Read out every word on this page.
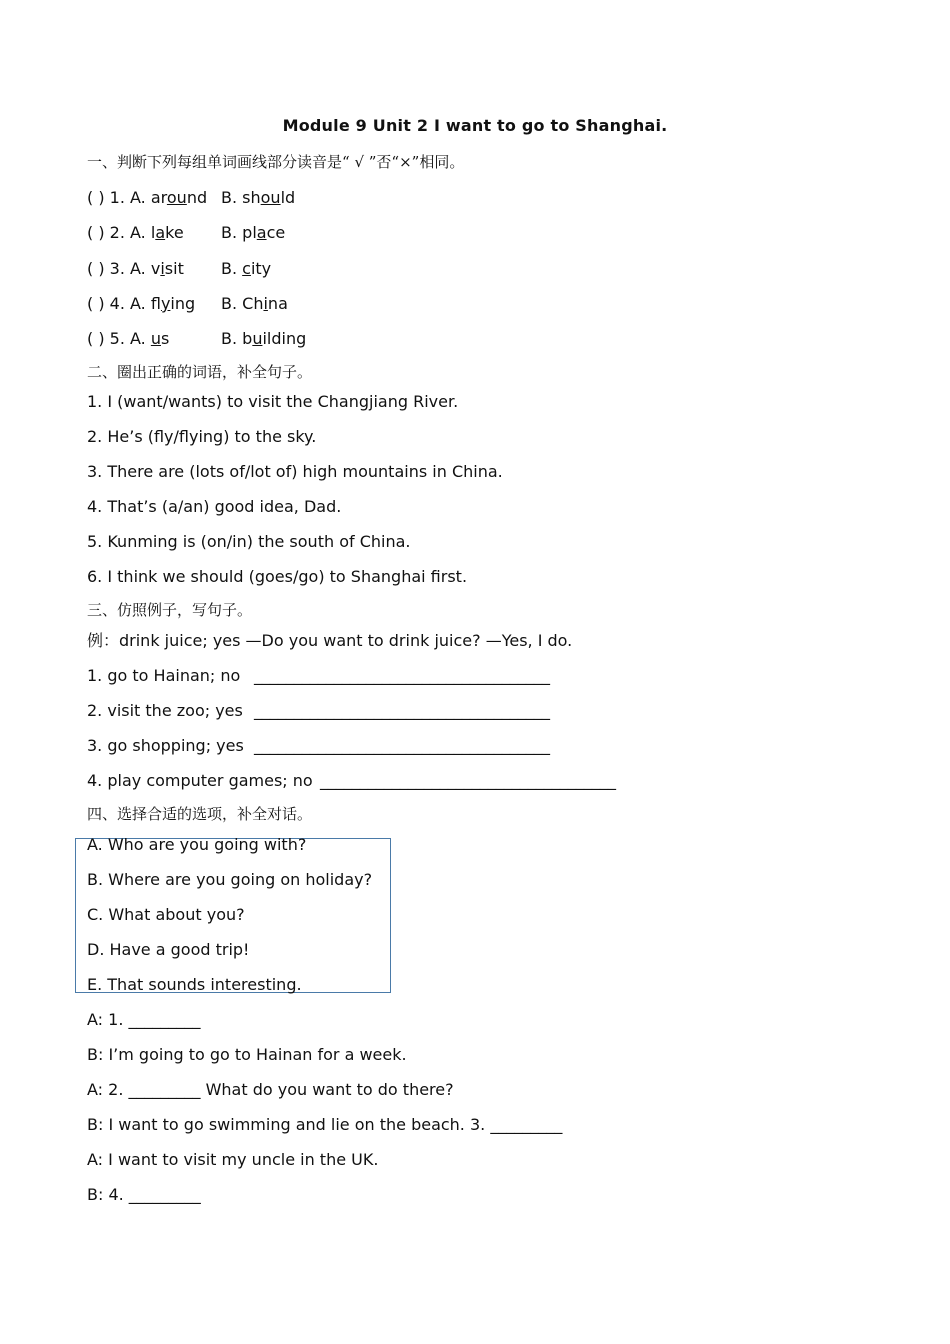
Module 9 Unit 2 I want to go to Shanghai.
一、判断下列每组单词画线部分读音是“ √ ”否“×”相同。
( ) 1. A. around B. should
( ) 2. A. lake B. place
( ) 3. A. visit B. city
( ) 4. A. flying B. China
( ) 5. A. us	B. building
二、圈出正确的词语，补全句子。
1. I (want/wants) to visit the Changjiang River.
2. He’s (fly/flying) to the sky.
3. There are (lots of/lot of) high mountains in China.
4. That’s (a/an) good idea, Dad.
5. Kunming is (on/in) the south of China.
6. I think we should (goes/go) to Shanghai first.
三、仿照例子，写句子。
例：drink juice; yes —Do you want to drink juice? —Yes, I do.
1. go to Hainan; no _____________________________________
2. visit the zoo; yes _____________________________________
3. go shopping; yes _____________________________________
4. play computer games; no _____________________________________
四、选择合适的选项，补全对话。
A. Who are you going with?
B. Where are you going on holiday?
C. What about you?
D. Have a good trip!
E. That sounds interesting.
A: 1. _________
B: I’m going to go to Hainan for a week.
A: 2. _________ What do you want to do there?
B: I want to go swimming and lie on the beach. 3. _________
A: I want to visit my uncle in the UK.
B: 4. _________
